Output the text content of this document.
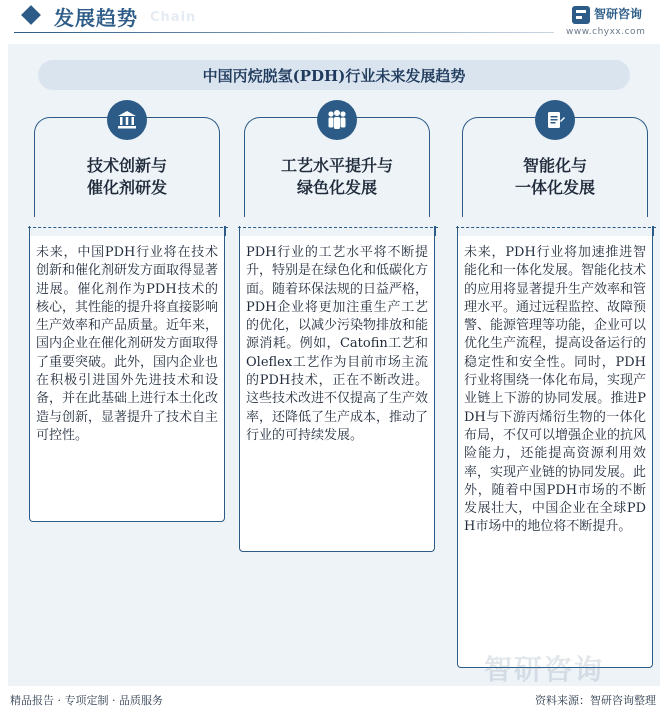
发展趋势 Chain	智研咨询
www.chyxx.com
中国丙烷脱氢(PDH)行业未来发展趋势
技术创新与
催化剂研发
未来，中国PDH行业将在技术创新和催化剂研发方面取得显著进展。催化剂作为PDH技术的核心，其性能的提升将直接影响生产效率和产品质量。近年来，国内企业在催化剂研发方面取得了重要突破。此外，国内企业也在积极引进国外先进技术和设备，并在此基础上进行本土化改造与创新，显著提升了技术自主可控性。
工艺水平提升与
绿色化发展
PDH行业的工艺水平将不断提升，特别是在绿色化和低碳化方面。随着环保法规的日益严格，PDH企业将更加注重生产工艺的优化，以减少污染物排放和能源消耗。例如，Catofin工艺和Oleflex工艺作为目前市场主流的PDH技术，正在不断改进。这些技术改进不仅提高了生产效率，还降低了生产成本，推动了行业的可持续发展。
智能化与
一体化发展
未来，PDH行业将加速推进智能化和一体化发展。智能化技术的应用将显著提升生产效率和管理水平。通过远程监控、故障预警、能源管理等功能，企业可以优化生产流程，提高设备运行的稳定性和安全性。同时，PDH行业将围绕一体化布局，实现产业链上下游的协同发展。推进PDH与下游丙烯衍生物的一体化布局，不仅可以增强企业的抗风险能力，还能提高资源利用效率，实现产业链的协同发展。此外，随着中国PDH市场的不断发展壮大，中国企业在全球PDH市场中的地位将不断提升。
智研咨询
精品报告 · 专项定制 · 品质服务	资料来源：智研咨询整理
